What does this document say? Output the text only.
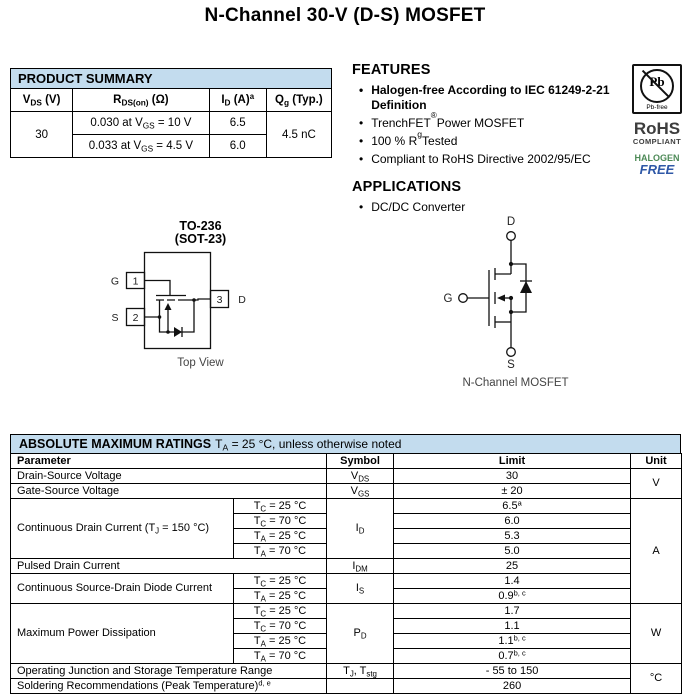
N-Channel 30-V (D-S) MOSFET
PRODUCT SUMMARY
$V_{DS}$ (V)	$R_{DS(on)}$ (Ω)	$I_D$ $(A)^a$	$Q_g$ (Typ.)
30	0.030 at $V_{GS} = 10$ V	6.5	4.5 nC
	0.033 at $V_{GS} = 4.5$ V	6.0	
FEATURES
• Halogen-free According to IEC 61249-2-21 Definition
• TrenchFET
®
Power MOSFET
• 100 % R g Tested
• Compliant to RoHS Directive 2002/95/EC
APPLICATIONS
• DC/DC Converter
Pb
Pb-free
RoHS
COMPLIANT
HALOGEN
FREE
TO-236
(SOT-23)
1
2
3
G
S
D
Top View
D
G
S
N-Channel MOSFET
ABSOLUTE MAXIMUM RATINGS $T_A = 25$ °C, unless otherwise noted
Parameter		Symbol	Limit	Unit
Drain-Source Voltage		$V_{DS}$	30	V
Gate-Source Voltage		$V_{GS}$	± 20	
Continuous Drain Current ($T_J = 150$ °C)	$T_C = 25$ °C	$I_D$	6.5$^a$	A
	$T_C = 70$ °C		6.0	
	$T_A = 25$ °C		5.3	
	$T_A = 70$ °C		5.0	
Pulsed Drain Current		$I_{DM}$	25	
Continuous Source-Drain Diode Current	$T_C = 25$ °C	$I_S$	1.4	
	$T_A = 25$ °C		0.9$^{b, c}$
Maximum Power Dissipation	$T_C = 25$ °C	$P_D$	1.7	W
	$T_C = 70$ °C		1.1	
	$T_A = 25$ °C		1.1$^{b, c}$
	$T_A = 70$ °C		0.7$^{b, c}$
Operating Junction and Storage Temperature Range		$T_J$, $T_{stg}$	- 55 to 150	°C
Soldering Recommendations (Peak Temperature)$^{d, e}$			260	
